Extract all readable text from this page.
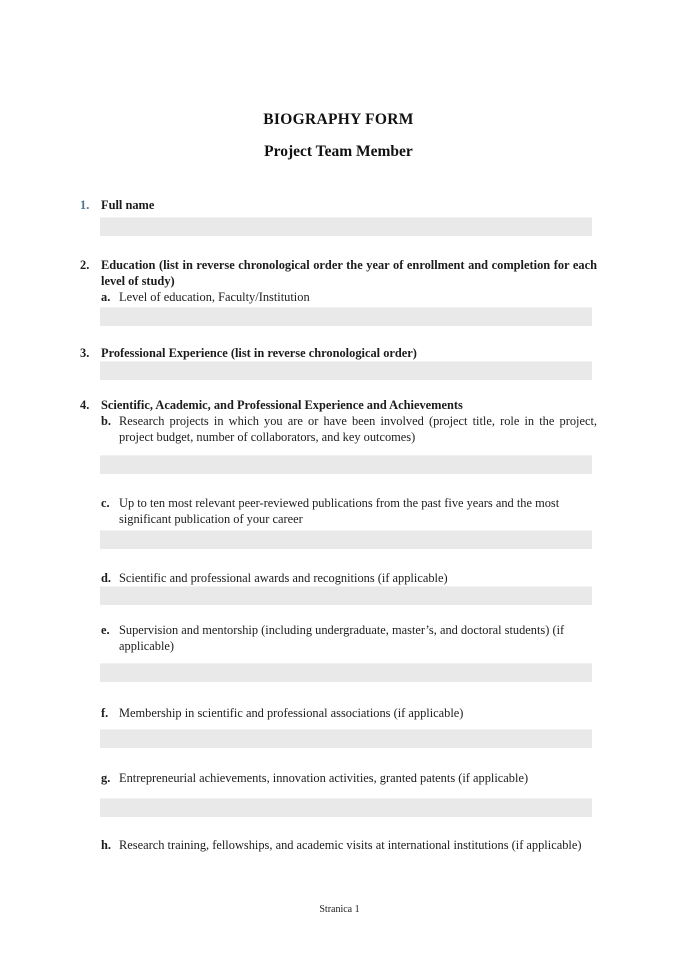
BIOGRAPHY FORM
Project Team Member
1. Full name
2. Education (list in reverse chronological order the year of enrollment and completion for each level of study)
a. Level of education, Faculty/Institution
3. Professional Experience (list in reverse chronological order)
4. Scientific, Academic, and Professional Experience and Achievements
b. Research projects in which you are or have been involved (project title, role in the project, project budget, number of collaborators, and key outcomes)
c. Up to ten most relevant peer-reviewed publications from the past five years and the most significant publication of your career
d. Scientific and professional awards and recognitions (if applicable)
e. Supervision and mentorship (including undergraduate, master’s, and doctoral students) (if applicable)
f. Membership in scientific and professional associations (if applicable)
g. Entrepreneurial achievements, innovation activities, granted patents (if applicable)
h. Research training, fellowships, and academic visits at international institutions (if applicable)
Stranica 1
